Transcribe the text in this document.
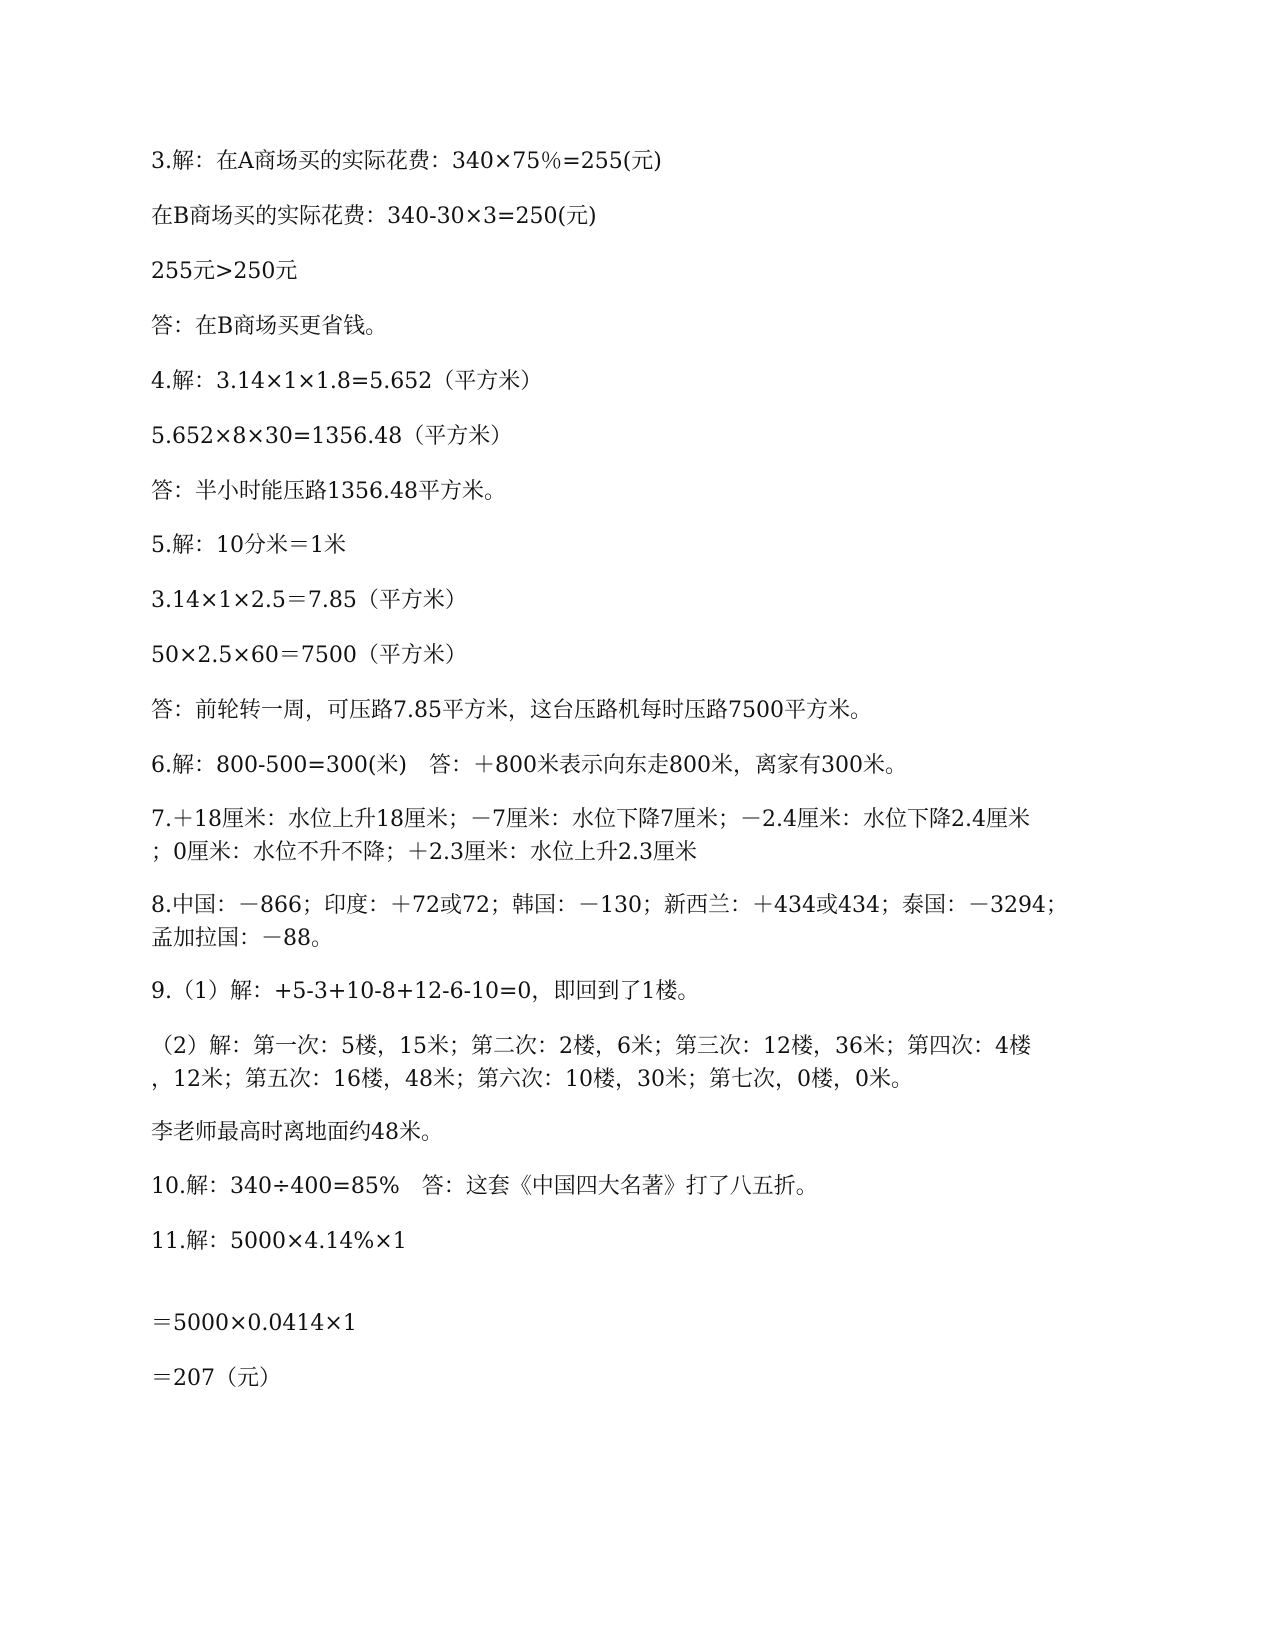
3.解：在A商场买的实际花费：340×75％=255(元)

在B商场买的实际花费：340-30×3=250(元)

255元>250元

答：在B商场买更省钱。

4.解：3.14×1×1.8=5.652（平方米）

5.652×8×30=1356.48（平方米）

答：半小时能压路1356.48平方米。

5.解：10分米＝1米

3.14×1×2.5＝7.85（平方米）

50×2.5×60＝7500（平方米）

答：前轮转一周，可压路7.85平方米，这台压路机每时压路7500平方米。

6.解：800-500=300(米)　答：＋800米表示向东走800米，离家有300米。

7.＋18厘米：水位上升18厘米；－7厘米：水位下降7厘米；－2.4厘米：水位下降2.4厘米

；0厘米：水位不升不降；＋2.3厘米：水位上升2.3厘米

8.中国：－866；印度：＋72或72；韩国：－130；新西兰：＋434或434；泰国：－3294；

孟加拉国：－88。

9.（1）解：+5-3+10-8+12-6-10=0，即回到了1楼。

（2）解：第一次：5楼，15米；第二次：2楼，6米；第三次：12楼，36米；第四次：4楼

，12米；第五次：16楼，48米；第六次：10楼，30米；第七次，0楼，0米。

李老师最高时离地面约48米。

10.解：340÷400=85%　答：这套《中国四大名著》打了八五折。

11.解：5000×4.14%×1

＝5000×0.0414×1

＝207（元）
